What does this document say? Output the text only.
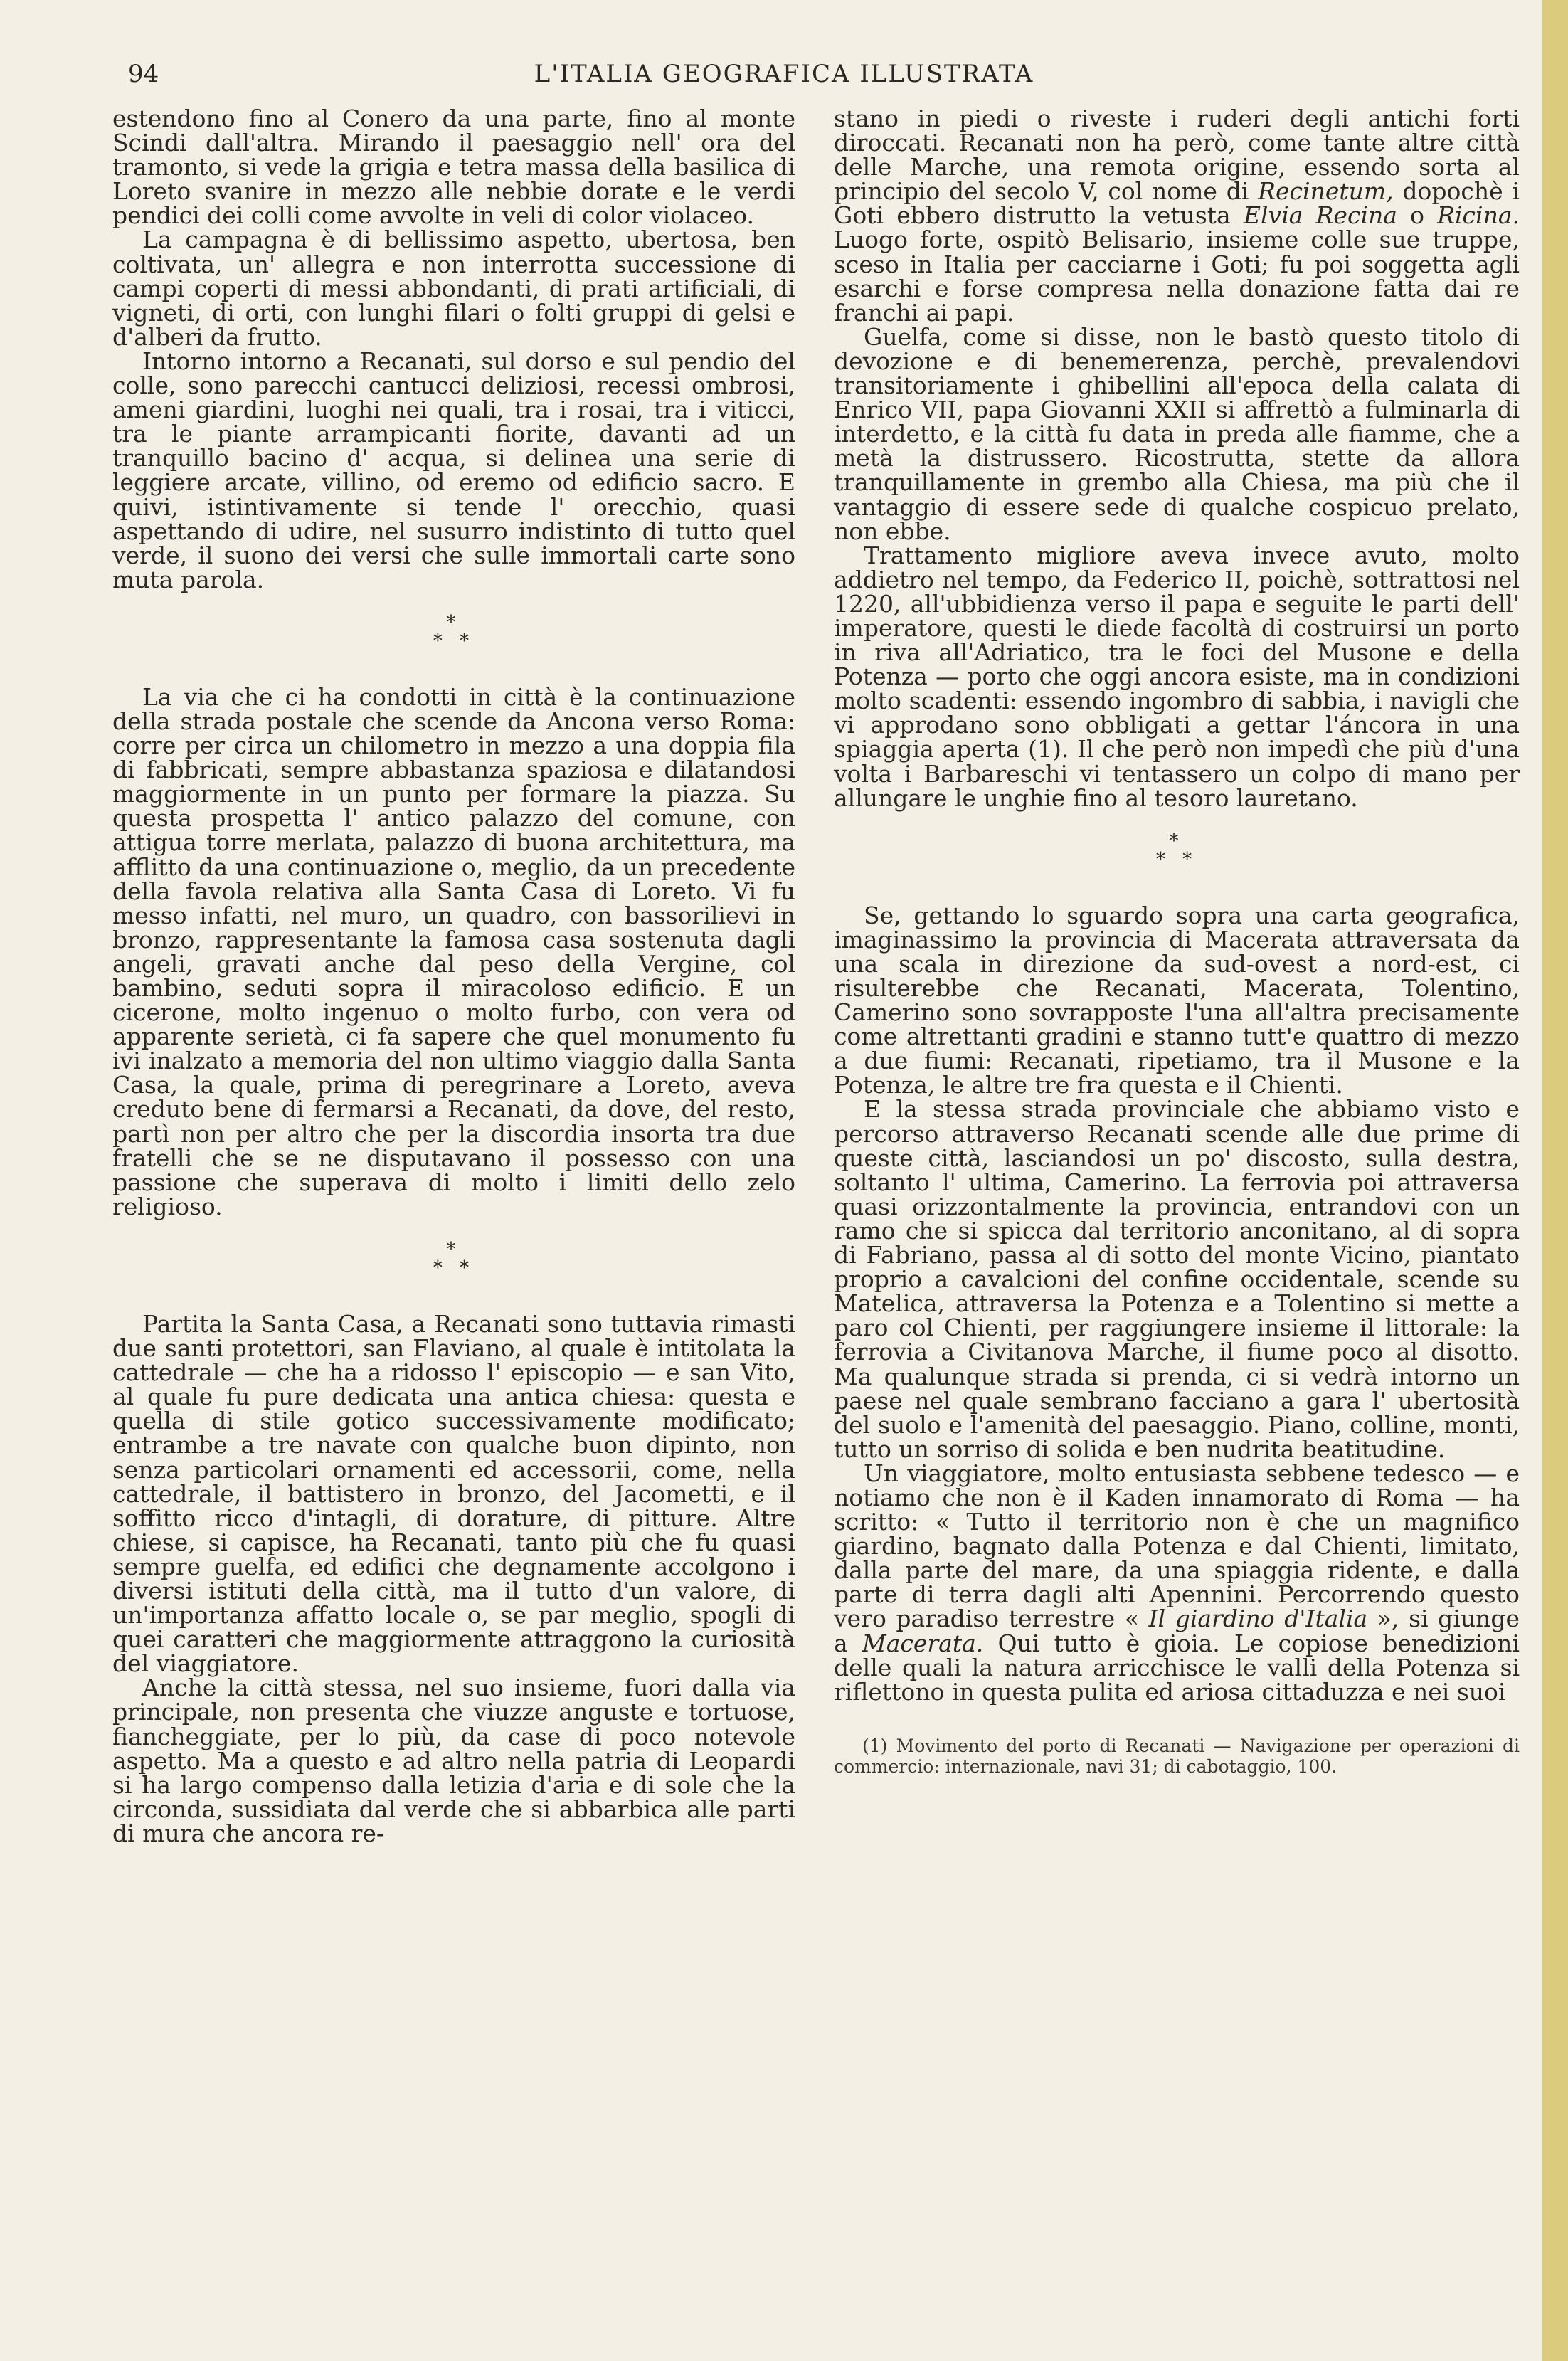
94	L'ITALIA GEOGRAFICA ILLUSTRATA

estendono fino al Conero da una parte, fino al monte Scindi dall'altra. Mirando il paesaggio nell' ora del tramonto, si vede la grigia e tetra massa della basilica di Loreto svanire in mezzo alle nebbie dorate e le verdi pendici dei colli come avvolte in veli di color violaceo.

La campagna è di bellissimo aspetto, ubertosa, ben coltivata, un' allegra e non interrotta successione di campi coperti di messi abbondanti, di prati artificiali, di vigneti, di orti, con lunghi filari o folti gruppi di gelsi e d'alberi da frutto.

Intorno intorno a Recanati, sul dorso e sul pendio del colle, sono parecchi cantucci deliziosi, recessi ombrosi, ameni giardini, luoghi nei quali, tra i rosai, tra i viticci, tra le piante arrampicanti fiorite, davanti ad un tranquillo bacino d' acqua, si delinea una serie di leggiere arcate, villino, od eremo od edificio sacro. E quivi, istintivamente si tende l' orecchio, quasi aspettando di udire, nel susurro indistinto di tutto quel verde, il suono dei versi che sulle immortali carte sono muta parola.

*
* *

La via che ci ha condotti in città è la continuazione della strada postale che scende da Ancona verso Roma: corre per circa un chilometro in mezzo a una doppia fila di fabbricati, sempre abbastanza spaziosa e dilatandosi maggiormente in un punto per formare la piazza. Su questa prospetta l' antico palazzo del comune, con attigua torre merlata, palazzo di buona architettura, ma afflitto da una continuazione o, meglio, da un precedente della favola relativa alla Santa Casa di Loreto. Vi fu messo infatti, nel muro, un quadro, con bassorilievi in bronzo, rappresentante la famosa casa sostenuta dagli angeli, gravati anche dal peso della Vergine, col bambino, seduti sopra il miracoloso edificio. E un cicerone, molto ingenuo o molto furbo, con vera od apparente serietà, ci fa sapere che quel monumento fu ivi inalzato a memoria del non ultimo viaggio dalla Santa Casa, la quale, prima di peregrinare a Loreto, aveva creduto bene di fermarsi a Recanati, da dove, del resto, partì non per altro che per la discordia insorta tra due fratelli che se ne disputavano il possesso con una passione che superava di molto i limiti dello zelo religioso.

*
* *

Partita la Santa Casa, a Recanati sono tuttavia rimasti due santi protettori, san Flaviano, al quale è intitolata la cattedrale — che ha a ridosso l' episcopio — e san Vito, al quale fu pure dedicata una antica chiesa: questa e quella di stile gotico successivamente modificato; entrambe a tre navate con qualche buon dipinto, non senza particolari ornamenti ed accessorii, come, nella cattedrale, il battistero in bronzo, del Jacometti, e il soffitto ricco d'intagli, di dorature, di pitture. Altre chiese, si capisce, ha Recanati, tanto più che fu quasi sempre guelfa, ed edifici che degnamente accolgono i diversi istituti della città, ma il tutto d'un valore, di un'importanza affatto locale o, se par meglio, spogli di quei caratteri che maggiormente attraggono la curiosità del viaggiatore.

Anche la città stessa, nel suo insieme, fuori dalla via principale, non presenta che viuzze anguste e tortuose, fiancheggiate, per lo più, da case di poco notevole aspetto. Ma a questo e ad altro nella patria di Leopardi si ha largo compenso dalla letizia d'aria e di sole che la circonda, sussidiata dal verde che si abbarbica alle parti di mura che ancora re-

stano in piedi o riveste i ruderi degli antichi forti diroccati. Recanati non ha però, come tante altre città delle Marche, una remota origine, essendo sorta al principio del secolo V, col nome di Recinetum, dopochè i Goti ebbero distrutto la vetusta Elvia Recina o Ricina. Luogo forte, ospitò Belisario, insieme colle sue truppe, sceso in Italia per cacciarne i Goti; fu poi soggetta agli esarchi e forse compresa nella donazione fatta dai re franchi ai papi.

Guelfa, come si disse, non le bastò questo titolo di devozione e di benemerenza, perchè, prevalendovi transitoriamente i ghibellini all'epoca della calata di Enrico VII, papa Giovanni XXII si affrettò a fulminarla di interdetto, e la città fu data in preda alle fiamme, che a metà la distrussero. Ricostrutta, stette da allora tranquillamente in grembo alla Chiesa, ma più che il vantaggio di essere sede di qualche cospicuo prelato, non ebbe.

Trattamento migliore aveva invece avuto, molto addietro nel tempo, da Federico II, poichè, sottrattosi nel 1220, all'ubbidienza verso il papa e seguite le parti dell' imperatore, questi le diede facoltà di costruirsi un porto in riva all'Adriatico, tra le foci del Musone e della Potenza — porto che oggi ancora esiste, ma in condizioni molto scadenti: essendo ingombro di sabbia, i navigli che vi approdano sono obbligati a gettar l'áncora in una spiaggia aperta (1). Il che però non impedì che più d'una volta i Barbareschi vi tentassero un colpo di mano per allungare le unghie fino al tesoro lauretano.

*
* *

Se, gettando lo sguardo sopra una carta geografica, imaginassimo la provincia di Macerata attraversata da una scala in direzione da sud-ovest a nord-est, ci risulterebbe che Recanati, Macerata, Tolentino, Camerino sono sovrapposte l'una all'altra precisamente come altrettanti gradini e stanno tutt'e quattro di mezzo a due fiumi: Recanati, ripetiamo, tra il Musone e la Potenza, le altre tre fra questa e il Chienti.

E la stessa strada provinciale che abbiamo visto e percorso attraverso Recanati scende alle due prime di queste città, lasciandosi un po' discosto, sulla destra, soltanto l' ultima, Camerino. La ferrovia poi attraversa quasi orizzontalmente la provincia, entrandovi con un ramo che si spicca dal territorio anconitano, al di sopra di Fabriano, passa al di sotto del monte Vicino, piantato proprio a cavalcioni del confine occidentale, scende su Matelica, attraversa la Potenza e a Tolentino si mette a paro col Chienti, per raggiungere insieme il littorale: la ferrovia a Civitanova Marche, il fiume poco al disotto. Ma qualunque strada si prenda, ci si vedrà intorno un paese nel quale sembrano facciano a gara l' ubertosità del suolo e l'amenità del paesaggio. Piano, colline, monti, tutto un sorriso di solida e ben nudrita beatitudine.

Un viaggiatore, molto entusiasta sebbene tedesco — e notiamo che non è il Kaden innamorato di Roma — ha scritto: « Tutto il territorio non è che un magnifico giardino, bagnato dalla Potenza e dal Chienti, limitato, dalla parte del mare, da una spiaggia ridente, e dalla parte di terra dagli alti Apennini. Percorrendo questo vero paradiso terrestre « Il giardino d'Italia », si giunge a Macerata. Qui tutto è gioia. Le copiose benedizioni delle quali la natura arricchisce le valli della Potenza si riflettono in questa pulita ed ariosa cittaduzza e nei suoi

(1) Movimento del porto di Recanati — Navigazione per operazioni di commercio: internazionale, navi 31; di cabotaggio, 100.
